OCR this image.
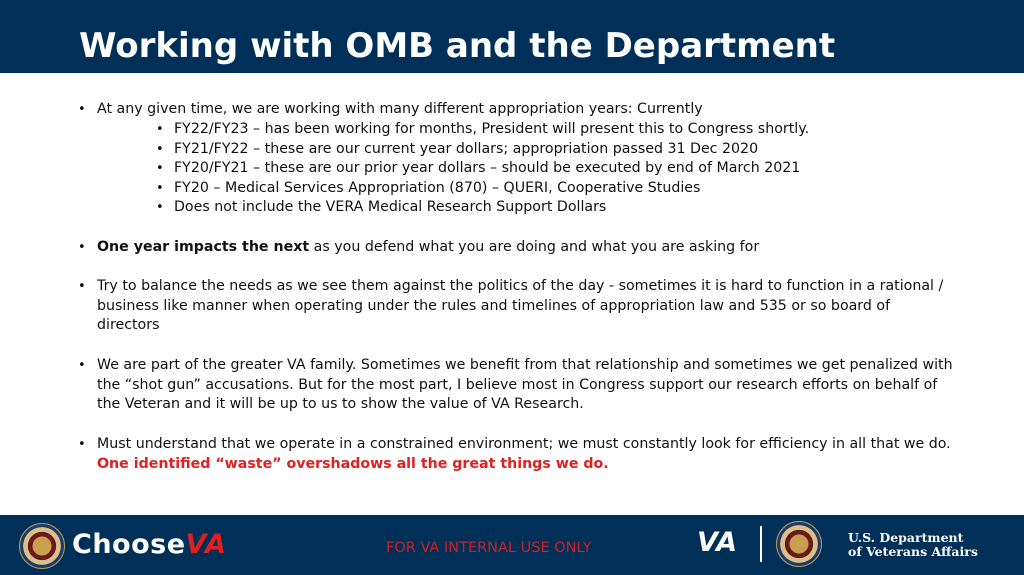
Working with OMB and the Department
• At any given time, we are working with many different appropriation years: Currently
• FY22/FY23 – has been working for months, President will present this to Congress shortly.
• FY21/FY22 – these are our current year dollars; appropriation passed 31 Dec 2020
• FY20/FY21 – these are our prior year dollars – should be executed by end of March 2021
• FY20 – Medical Services Appropriation (870) – QUERI, Cooperative Studies
• Does not include the VERA Medical Research Support Dollars
• One year impacts the next as you defend what you are doing and what you are asking for
• Try to balance the needs as we see them against the politics of the day - sometimes it is hard to function in a rational /
business like manner when operating under the rules and timelines of appropriation law and 535 or so board of
directors
• We are part of the greater VA family. Sometimes we benefit from that relationship and sometimes we get penalized with
the “shot gun” accusations. But for the most part, I believe most in Congress support our research efforts on behalf of
the Veteran and it will be up to us to show the value of VA Research.
• Must understand that we operate in a constrained environment; we must constantly look for efficiency in all that we do.
One identified “waste” overshadows all the great things we do.
ChooseVA	FOR VA INTERNAL USE ONLY	VA	U.S. Department
of Veterans Affairs
